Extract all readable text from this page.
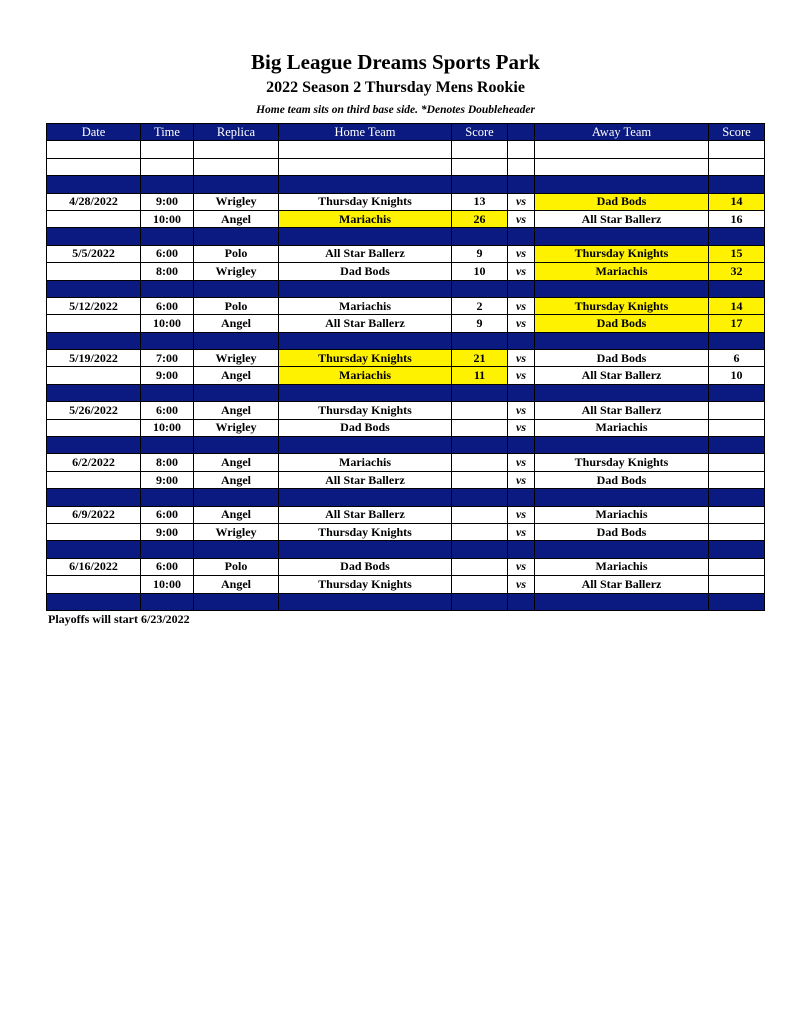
Big League Dreams Sports Park
2022 Season 2 Thursday Mens Rookie
Home team sits on third base side. *Denotes Doubleheader
Date	Time	Replica	Home Team	Score		Away Team	Score

4/28/2022	9:00	Wrigley	Thursday Knights	13	vs	Dad Bods	14
	10:00	Angel	Mariachis	26	vs	All Star Ballerz	16

5/5/2022	6:00	Polo	All Star Ballerz	9	vs	Thursday Knights	15
	8:00	Wrigley	Dad Bods	10	vs	Mariachis	32

5/12/2022	6:00	Polo	Mariachis	2	vs	Thursday Knights	14
	10:00	Angel	All Star Ballerz	9	vs	Dad Bods	17

5/19/2022	7:00	Wrigley	Thursday Knights	21	vs	Dad Bods	6
	9:00	Angel	Mariachis	11	vs	All Star Ballerz	10

5/26/2022	6:00	Angel	Thursday Knights		vs	All Star Ballerz	
	10:00	Wrigley	Dad Bods		vs	Mariachis	

6/2/2022	8:00	Angel	Mariachis		vs	Thursday Knights	
	9:00	Angel	All Star Ballerz		vs	Dad Bods	

6/9/2022	6:00	Angel	All Star Ballerz		vs	Mariachis	
	9:00	Wrigley	Thursday Knights		vs	Dad Bods	

6/16/2022	6:00	Polo	Dad Bods		vs	Mariachis	
	10:00	Angel	Thursday Knights		vs	All Star Ballerz	

Playoffs will start 6/23/2022
